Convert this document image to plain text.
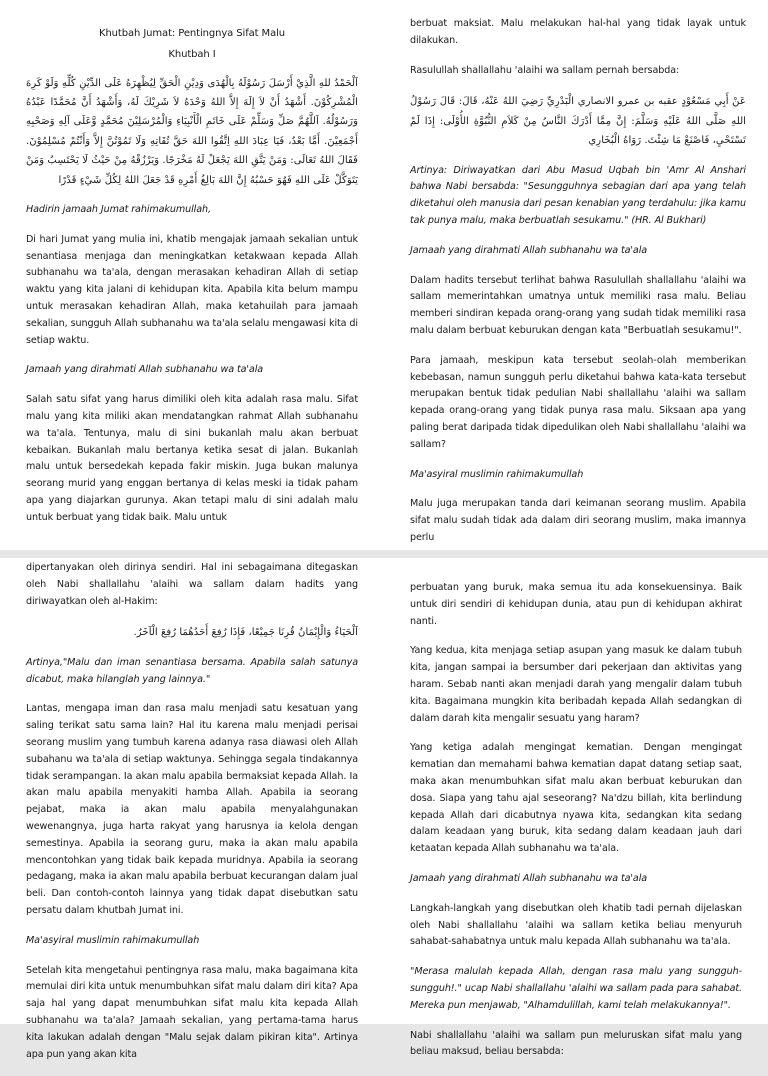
Khutbah Jumat: Pentingnya Sifat Malu

Khutbah I

اَلْحَمْدُ للهِ الَّذِيْ أَرْسَلَ رَسُوْلَهُ بِالْهُدَى وَدِيْنِ الْحَقِّ لِيُظْهِرَهُ عَلَى الدِّيْنِ كُلِّهِ وَلَوْ كَرِهَ الْمُشْرِكُوْنَ. أَشْهَدُ أَنْ لاَ إِلَهَ إِلاَّ اللهُ وَحْدَهُ لاَ شَرِيْكَ لَهُ، وَأَشْهَدُ أَنَّ مُحَمَّدًا عَبْدُهُ وَرَسُوْلُهُ. اَللَّهُمَّ صَلِّ وَسَلِّمْ عَلَى خَاتَمِ الْأَنْبِيَاءِ وَالْمُرْسَلِيْنَ مُحَمَّدٍ وَّعَلَى آلِهِ وَصَحْبِهِ أَجْمَعِيْنَ. أَمَّا بَعْدُ، فَيَا عِبَادَ اللهِ اِتَّقُوا اللهَ حَقَّ تُقَاتِهِ وَلَا تَمُوْتُنَّ إِلاَّ وَأَنْتُمْ مُسْلِمُوْنَ. فَقَالَ اللهُ تَعَالَى: وَمَنْ يَتَّقِ اللهَ يَجْعَلْ لَهُ مَخْرَجًا. وَيَرْزُقْهُ مِنْ حَيْثُ لَا يَحْتَسِبُ وَمَنْ يَتَوَكَّلْ عَلَى اللهِ فَهُوَ حَسْبُهُ إِنَّ اللهَ بَالِغُ أَمْرِهِ قَدْ جَعَلَ اللهُ لِكُلِّ شَيْءٍ قَدْرًا

Hadirin jamaah Jumat rahimakumullah,

Di hari Jumat yang mulia ini, khatib mengajak jamaah sekalian untuk senantiasa menjaga dan meningkatkan ketakwaan kepada Allah subhanahu wa ta'ala, dengan merasakan kehadiran Allah di setiap waktu yang kita jalani di kehidupan kita. Apabila kita belum mampu untuk merasakan kehadiran Allah, maka ketahuilah para jamaah sekalian, sungguh Allah subhanahu wa ta'ala selalu mengawasi kita di setiap waktu.

Jamaah yang dirahmati Allah subhanahu wa ta'ala

Salah satu sifat yang harus dimiliki oleh kita adalah rasa malu. Sifat malu yang kita miliki akan mendatangkan rahmat Allah subhanahu wa ta'ala. Tentunya, malu di sini bukanlah malu akan berbuat kebaikan. Bukanlah malu bertanya ketika sesat di jalan. Bukanlah malu untuk bersedekah kepada fakir miskin. Juga bukan malunya seorang murid yang enggan bertanya di kelas meski ia tidak paham apa yang diajarkan gurunya. Akan tetapi malu di sini adalah malu untuk berbuat yang tidak baik. Malu untuk

berbuat maksiat. Malu melakukan hal-hal yang tidak layak untuk dilakukan.

Rasulullah shallallahu 'alaihi wa sallam pernah bersabda:

عَنْ أَبِي مَسْعُوْدٍ عقبه بن عمرو الانصاري الْبَدْرِيِّ رَضِيَ اللهُ عَنْهُ، قَالَ: قَالَ رَسُوْلُ اللهِ صَلَّى اللهُ عَلَيْهِ وَسَلَّمَ: إِنَّ مِمَّا أَدْرَكَ النَّاسُ مِنْ كَلاَمِ النُّبُوَّةِ الأُوْلَى: إِذَا لَمْ تَسْتَحْيِ، فَاصْنَعْ مَا شِئْتَ. رَوَاهُ الْبُخَارِي

Artinya: Diriwayatkan dari Abu Masud Uqbah bin 'Amr Al Anshari bahwa Nabi bersabda: "Sesungguhnya sebagian dari apa yang telah diketahui oleh manusia dari pesan kenabian yang terdahulu: jika kamu tak punya malu, maka berbuatlah sesukamu." (HR. Al Bukhari)

Jamaah yang dirahmati Allah subhanahu wa ta'ala

Dalam hadits tersebut terlihat bahwa Rasulullah shallallahu 'alaihi wa sallam memerintahkan umatnya untuk memiliki rasa malu. Beliau memberi sindiran kepada orang-orang yang sudah tidak memiliki rasa malu dalam berbuat keburukan dengan kata "Berbuatlah sesukamu!".

Para jamaah, meskipun kata tersebut seolah-olah memberikan kebebasan, namun sungguh perlu diketahui bahwa kata-kata tersebut merupakan bentuk tidak pedulian Nabi shallallahu 'alaihi wa sallam kepada orang-orang yang tidak punya rasa malu. Siksaan apa yang paling berat daripada tidak dipedulikan oleh Nabi shallallahu 'alaihi wa sallam?

Ma'asyiral muslimin rahimakumullah

Malu juga merupakan tanda dari keimanan seorang muslim. Apabila sifat malu sudah tidak ada dalam diri seorang muslim, maka imannya perlu

dipertanyakan oleh dirinya sendiri. Hal ini sebagaimana ditegaskan oleh Nabi shallallahu 'alaihi wa sallam dalam hadits yang diriwayatkan oleh al-Hakim:

اَلْحَيَاءُ وَالْإِيْمَانُ قُرِنَا جَمِيْعًا، فَإِذَا رُفِعَ أَحَدُهُمَا رُفِعَ الْآخَرُ.

Artinya,"Malu dan iman senantiasa bersama. Apabila salah satunya dicabut, maka hilanglah yang lainnya."

Lantas, mengapa iman dan rasa malu menjadi satu kesatuan yang saling terikat satu sama lain? Hal itu karena malu menjadi perisai seorang muslim yang tumbuh karena adanya rasa diawasi oleh Allah subahanu wa ta'ala di setiap waktunya. Sehingga segala tindakannya tidak serampangan. Ia akan malu apabila bermaksiat kepada Allah. Ia akan malu apabila menyakiti hamba Allah. Apabila ia seorang pejabat, maka ia akan malu apabila menyalahgunakan wewenangnya, juga harta rakyat yang harusnya ia kelola dengan semestinya. Apabila ia seorang guru, maka ia akan malu apabila mencontohkan yang tidak baik kepada muridnya. Apabila ia seorang pedagang, maka ia akan malu apabila berbuat kecurangan dalam jual beli. Dan contoh-contoh lainnya yang tidak dapat disebutkan satu persatu dalam khutbah Jumat ini.

Ma'asyiral muslimin rahimakumullah

Setelah kita mengetahui pentingnya rasa malu, maka bagaimana kita memulai diri kita untuk menumbuhkan sifat malu dalam diri kita? Apa saja hal yang dapat menumbuhkan sifat malu kita kepada Allah subhanahu wa ta'ala? Jamaah sekalian, yang pertama-tama harus kita lakukan adalah dengan "Malu sejak dalam pikiran kita". Artinya apa pun yang akan kita

perbuatan yang buruk, maka semua itu ada konsekuensinya. Baik untuk diri sendiri di kehidupan dunia, atau pun di kehidupan akhirat nanti.

Yang kedua, kita menjaga setiap asupan yang masuk ke dalam tubuh kita, jangan sampai ia bersumber dari pekerjaan dan aktivitas yang haram. Sebab nanti akan menjadi darah yang mengalir dalam tubuh kita. Bagaimana mungkin kita beribadah kepada Allah sedangkan di dalam darah kita mengalir sesuatu yang haram?

Yang ketiga adalah mengingat kematian. Dengan mengingat kematian dan memahami bahwa kematian dapat datang setiap saat, maka akan menumbuhkan sifat malu akan berbuat keburukan dan dosa. Siapa yang tahu ajal seseorang? Na'dzu billah, kita berlindung kepada Allah dari dicabutnya nyawa kita, sedangkan kita sedang dalam keadaan yang buruk, kita sedang dalam keadaan jauh dari ketaatan kepada Allah subhanahu wa ta'ala.

Jamaah yang dirahmati Allah subhanahu wa ta'ala

Langkah-langkah yang disebutkan oleh khatib tadi pernah dijelaskan oleh Nabi shallallahu 'alaihi wa sallam ketika beliau menyuruh sahabat-sahabatnya untuk malu kepada Allah subhanahu wa ta'ala.

"Merasa malulah kepada Allah, dengan rasa malu yang sungguh-sungguh!." ucap Nabi shallallahu 'alaihi wa sallam pada para sahabat. Mereka pun menjawab, "Alhamdulillah, kami telah melakukannya!".

Nabi shallallahu 'alaihi wa sallam pun meluruskan sifat malu yang beliau maksud, beliau bersabda:
